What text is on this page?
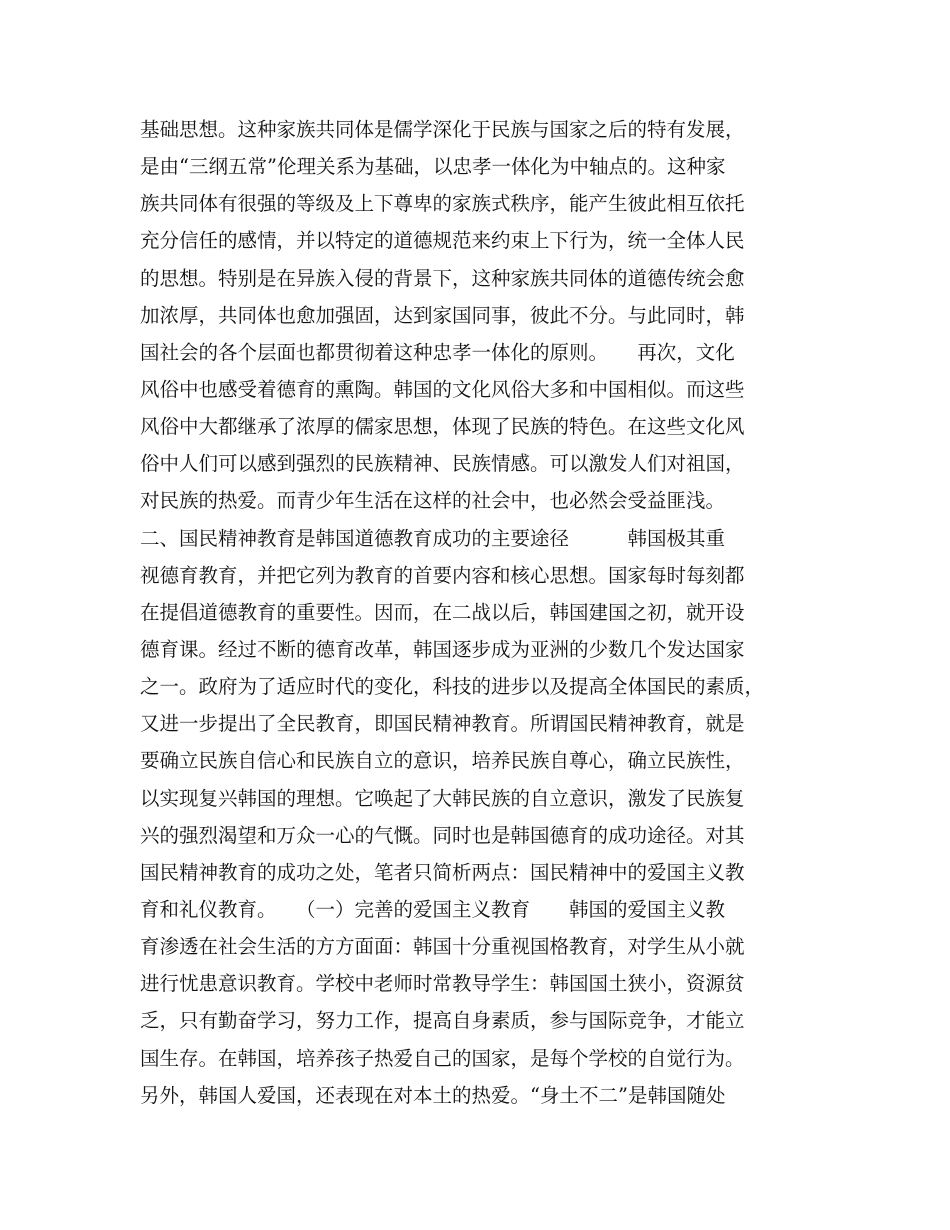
基础思想。这种家族共同体是儒学深化于民族与国家之后的特有发展，
是由“三纲五常”伦理关系为基础，以忠孝一体化为中轴点的。这种家
族共同体有很强的等级及上下尊卑的家族式秩序，能产生彼此相互依托
充分信任的感情，并以特定的道德规范来约束上下行为，统一全体人民
的思想。特别是在异族入侵的背景下，这种家族共同体的道德传统会愈
加浓厚，共同体也愈加强固，达到家国同事，彼此不分。与此同时，韩
国社会的各个层面也都贯彻着这种忠孝一体化的原则。　　再次，文化
风俗中也感受着德育的熏陶。韩国的文化风俗大多和中国相似。而这些
风俗中大都继承了浓厚的儒家思想，体现了民族的特色。在这些文化风
俗中人们可以感到强烈的民族精神、民族情感。可以激发人们对祖国，
对民族的热爱。而青少年生活在这样的社会中，也必然会受益匪浅。
二、国民精神教育是韩国道德教育成功的主要途径　　　韩国极其重
视德育教育，并把它列为教育的首要内容和核心思想。国家每时每刻都
在提倡道德教育的重要性。因而，在二战以后，韩国建国之初，就开设
德育课。经过不断的德育改革，韩国逐步成为亚洲的少数几个发达国家
之一。政府为了适应时代的变化，科技的进步以及提高全体国民的素质，
又进一步提出了全民教育，即国民精神教育。所谓国民精神教育，就是
要确立民族自信心和民族自立的意识，培养民族自尊心，确立民族性，
以实现复兴韩国的理想。它唤起了大韩民族的自立意识，激发了民族复
兴的强烈渴望和万众一心的气慨。同时也是韩国德育的成功途径。对其
国民精神教育的成功之处，笔者只简析两点：国民精神中的爱国主义教
育和礼仪教育。　　（一）完善的爱国主义教育　　韩国的爱国主义教
育渗透在社会生活的方方面面：韩国十分重视国格教育，对学生从小就
进行忧患意识教育。学校中老师时常教导学生：韩国国土狭小，资源贫
乏，只有勤奋学习，努力工作，提高自身素质，参与国际竞争，才能立
国生存。在韩国，培养孩子热爱自己的国家，是每个学校的自觉行为。
另外，韩国人爱国，还表现在对本土的热爱。“身土不二”是韩国随处
